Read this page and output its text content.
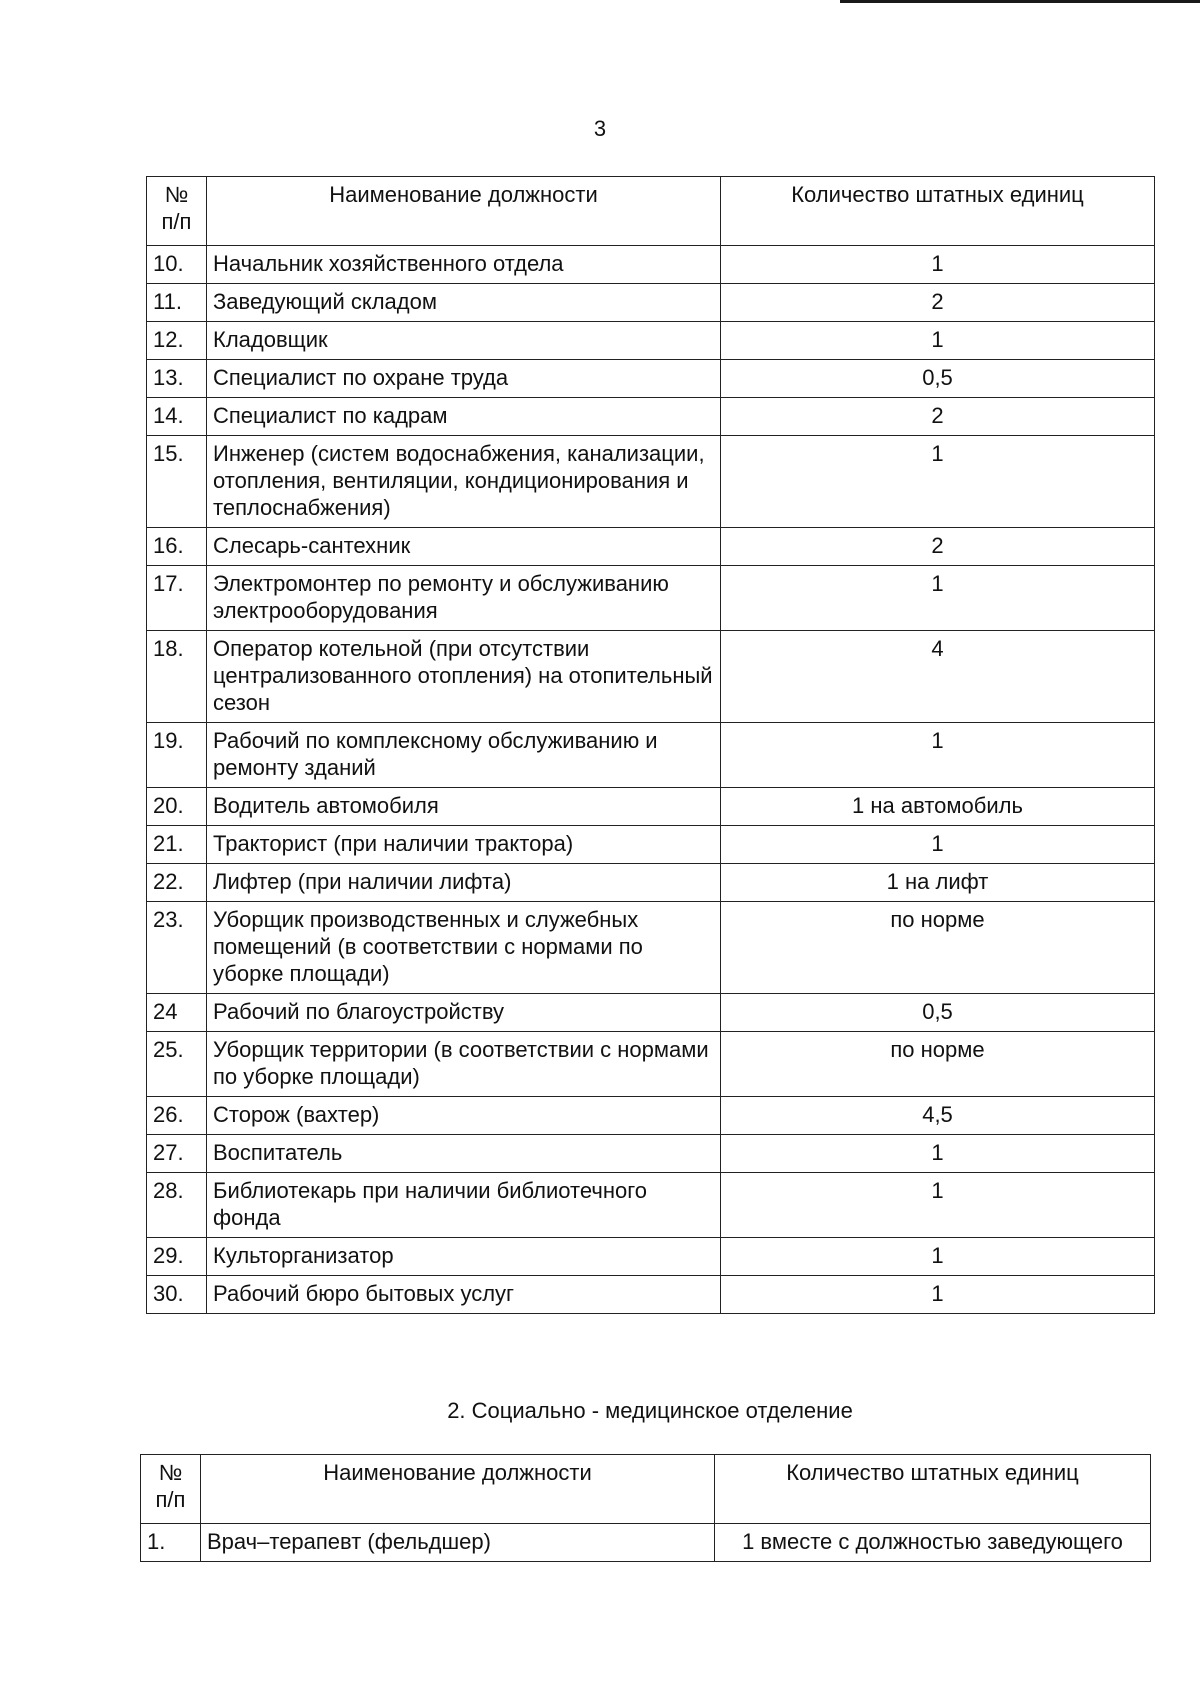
3
№ п/п	Наименование должности	Количество штатных единиц
10.	Начальник хозяйственного отдела	1
11.	Заведующий складом	2
12.	Кладовщик	1
13.	Специалист по охране труда	0,5
14.	Специалист по кадрам	2
15.	Инженер (систем водоснабжения, канализации, отопления, вентиляции, кондиционирования и теплоснабжения)	1
16.	Слесарь-сантехник	2
17.	Электромонтер по ремонту и обслуживанию электрооборудования	1
18.	Оператор котельной (при отсутствии централизованного отопления) на отопительный сезон	4
19.	Рабочий по комплексному обслуживанию и ремонту зданий	1
20.	Водитель автомобиля	1 на автомобиль
21.	Тракторист (при наличии трактора)	1
22.	Лифтер (при наличии лифта)	1 на лифт
23.	Уборщик производственных и служебных помещений (в соответствии с нормами по уборке площади)	по норме
24	Рабочий по благоустройству	0,5
25.	Уборщик территории (в соответствии с нормами по уборке площади)	по норме
26.	Сторож (вахтер)	4,5
27.	Воспитатель	1
28.	Библиотекарь при наличии библиотечного фонда	1
29.	Культорганизатор	1
30.	Рабочий бюро бытовых услуг	1
2. Социально - медицинское отделение
№ п/п	Наименование должности	Количество штатных единиц
1.	Врач–терапевт (фельдшер)	1 вместе с должностью заведующего
